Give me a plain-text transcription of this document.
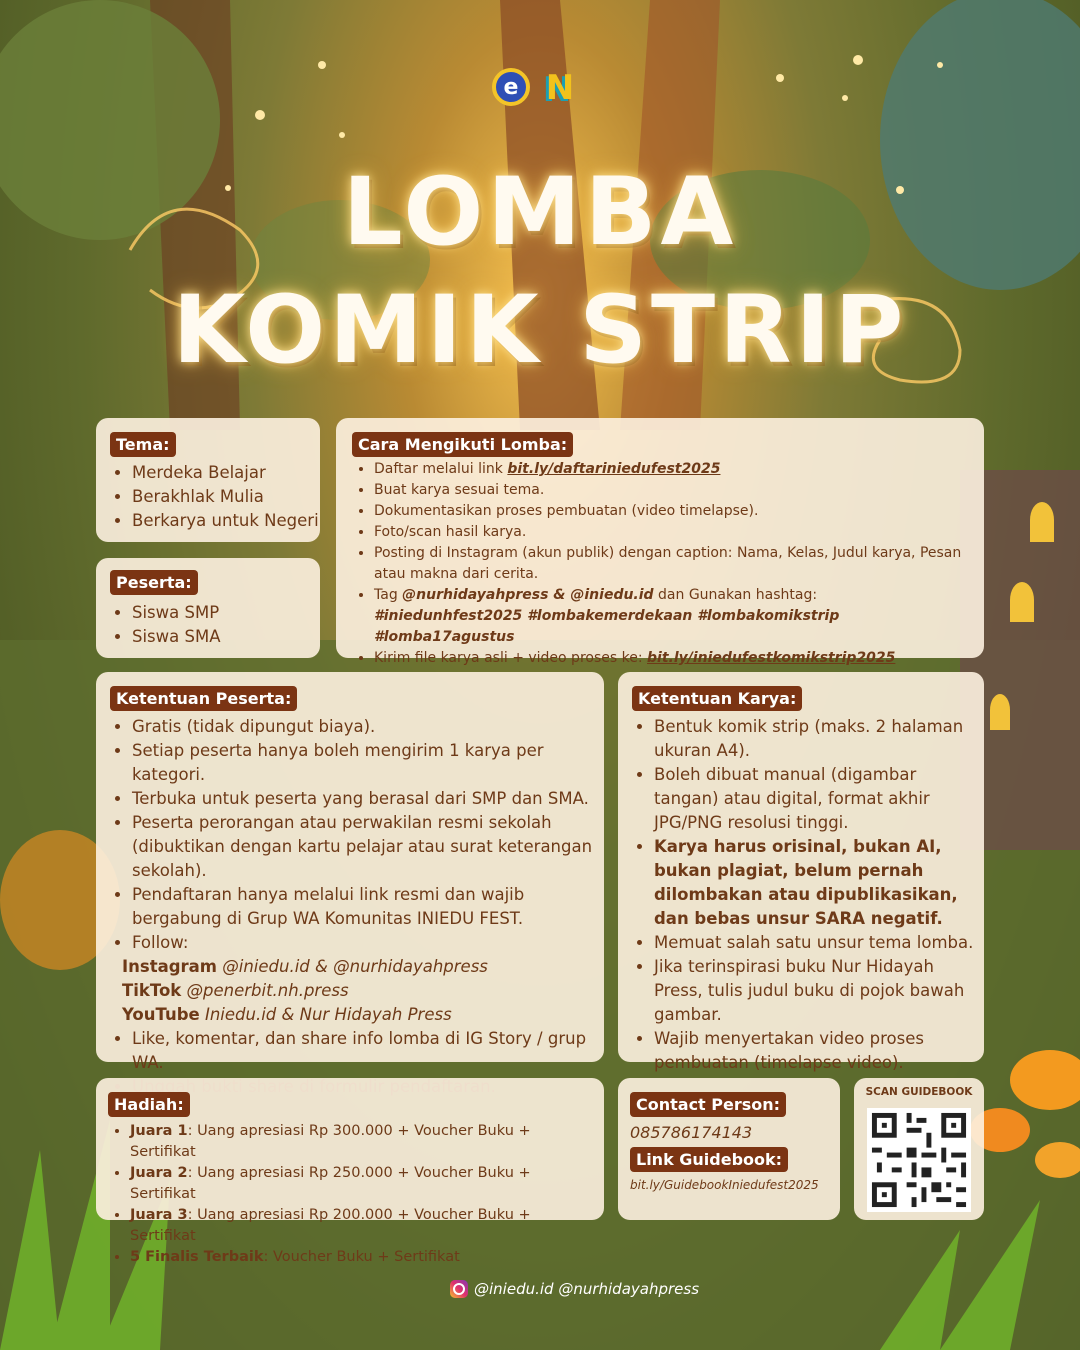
e N
LOMBA
KOMIK STRIP
Tema:
• Merdeka Belajar
• Berakhlak Mulia
• Berkarya untuk Negeri
Peserta:
• Siswa SMP
• Siswa SMA
Cara Mengikuti Lomba:
• Daftar melalui link bit.ly/daftariniedufest2025
• Buat karya sesuai tema.
• Dokumentasikan proses pembuatan (video timelapse).
• Foto/scan hasil karya.
• Posting di Instagram (akun publik) dengan caption: Nama, Kelas, Judul karya, Pesan atau makna dari cerita.
• Tag @nurhidayahpress & @iniedu.id dan Gunakan hashtag: #iniedunhfest2025 #lombakemerdekaan #lombakomikstrip #lomba17agustus
• Kirim file karya asli + video proses ke: bit.ly/iniedufestkomikstrip2025
Ketentuan Peserta:
• Gratis (tidak dipungut biaya).
• Setiap peserta hanya boleh mengirim 1 karya per kategori.
• Terbuka untuk peserta yang berasal dari SMP dan SMA.
• Peserta perorangan atau perwakilan resmi sekolah (dibuktikan dengan kartu pelajar atau surat keterangan sekolah).
• Pendaftaran hanya melalui link resmi dan wajib bergabung di Grup WA Komunitas INIEDU FEST.
• Follow:
Instagram @iniedu.id & @nurhidayahpress
TikTok @penerbit.nh.press
YouTube Iniedu.id & Nur Hidayah Press
• Like, komentar, dan share info lomba di IG Story / grup WA.
•
Ketentuan Karya:
• Bentuk komik strip (maks. 2 halaman ukuran A4).
• Boleh dibuat manual (digambar tangan) atau digital, format akhir JPG/PNG resolusi tinggi.
• Karya harus orisinal, bukan AI, bukan plagiat, belum pernah dilombakan atau dipublikasikan, dan bebas unsur SARA negatif.
• Memuat salah satu unsur tema lomba.
• Jika terinspirasi buku Nur Hidayah Press, tulis judul buku di pojok bawah gambar.
• Wajib menyertakan video proses pembuatan (timelapse video).
Hadiah:
• Juara 1: Uang apresiasi Rp 300.000 + Voucher Buku + Sertifikat
• Juara 2: Uang apresiasi Rp 250.000 + Voucher Buku + Sertifikat
• Juara 3: Uang apresiasi Rp 200.000 + Voucher Buku + Sertifikat
• 5 Finalis Terbaik: Voucher Buku + Sertifikat
Contact Person:
085786174143
Link Guidebook:
bit.ly/GuidebookIniedufest2025
SCAN GUIDEBOOK
@iniedu.id @nurhidayahpress
